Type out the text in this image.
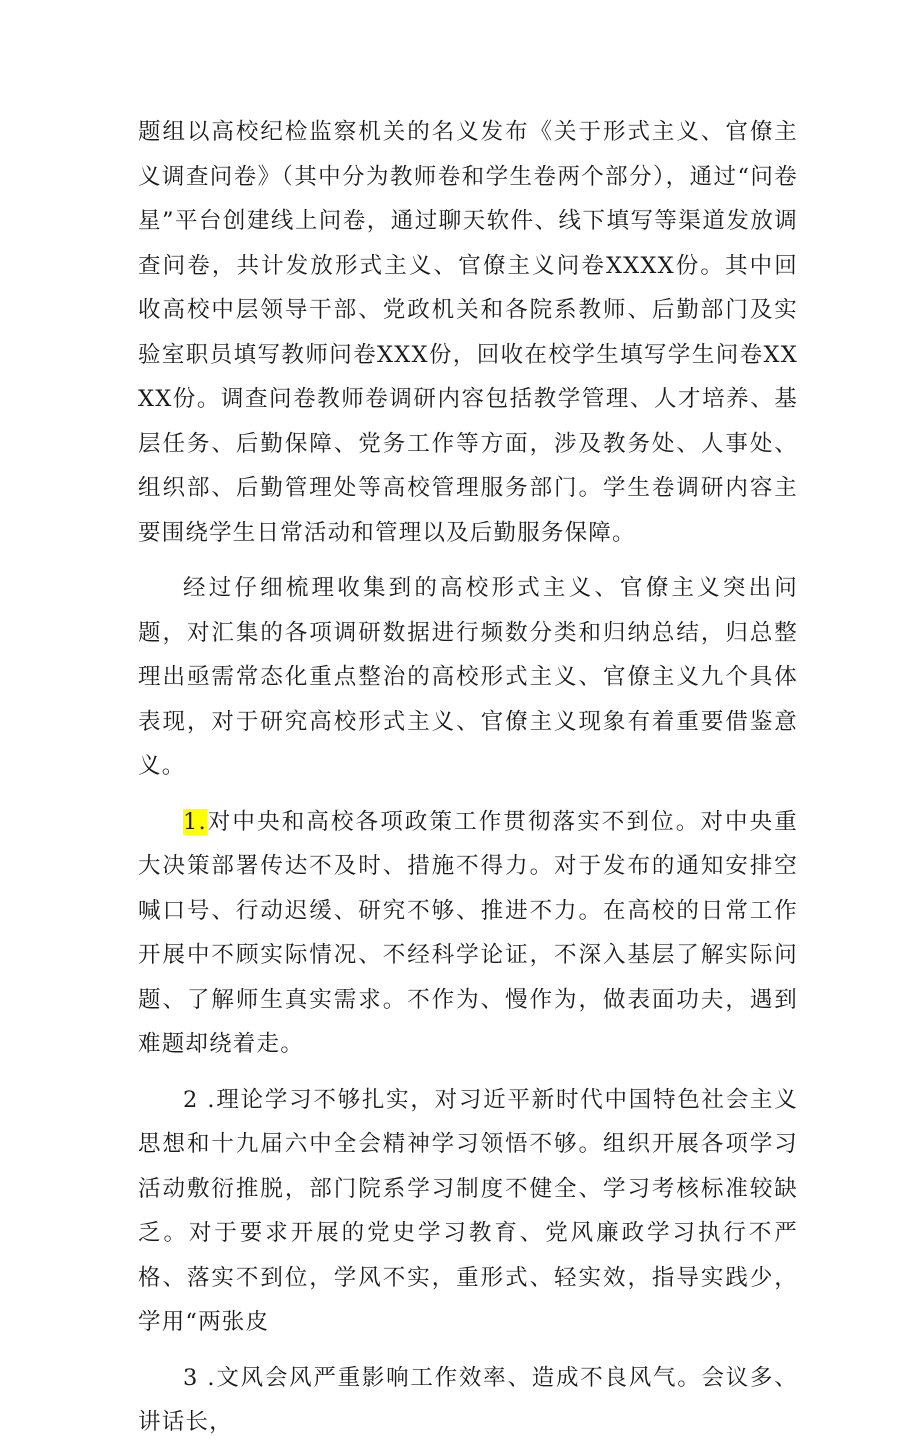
题组以高校纪检监察机关的名义发布《关于形式主义、官僚主义调查问卷》（其中分为教师卷和学生卷两个部分），通过“问卷星”平台创建线上问卷，通过聊天软件、线下填写等渠道发放调查问卷，共计发放形式主义、官僚主义问卷XXXX份。其中回收高校中层领导干部、党政机关和各院系教师、后勤部门及实验室职员填写教师问卷XXX份，回收在校学生填写学生问卷XXXX份。调查问卷教师卷调研内容包括教学管理、人才培养、基层任务、后勤保障、党务工作等方面，涉及教务处、人事处、组织部、后勤管理处等高校管理服务部门。学生卷调研内容主要围绕学生日常活动和管理以及后勤服务保障。

经过仔细梳理收集到的高校形式主义、官僚主义突出问题，对汇集的各项调研数据进行频数分类和归纳总结，归总整理出亟需常态化重点整治的高校形式主义、官僚主义九个具体表现，对于研究高校形式主义、官僚主义现象有着重要借鉴意义。

1.对中央和高校各项政策工作贯彻落实不到位。对中央重大决策部署传达不及时、措施不得力。对于发布的通知安排空喊口号、行动迟缓、研究不够、推进不力。在高校的日常工作开展中不顾实际情况、不经科学论证，不深入基层了解实际问题、了解师生真实需求。不作为、慢作为，做表面功夫，遇到难题却绕着走。

2 .理论学习不够扎实，对习近平新时代中国特色社会主义思想和十九届六中全会精神学习领悟不够。组织开展各项学习活动敷衍推脱，部门院系学习制度不健全、学习考核标准较缺乏。对于要求开展的党史学习教育、党风廉政学习执行不严格、落实不到位，学风不实，重形式、轻实效，指导实践少，学用“两张皮

3 .文风会风严重影响工作效率、造成不良风气。会议多、讲话长，
